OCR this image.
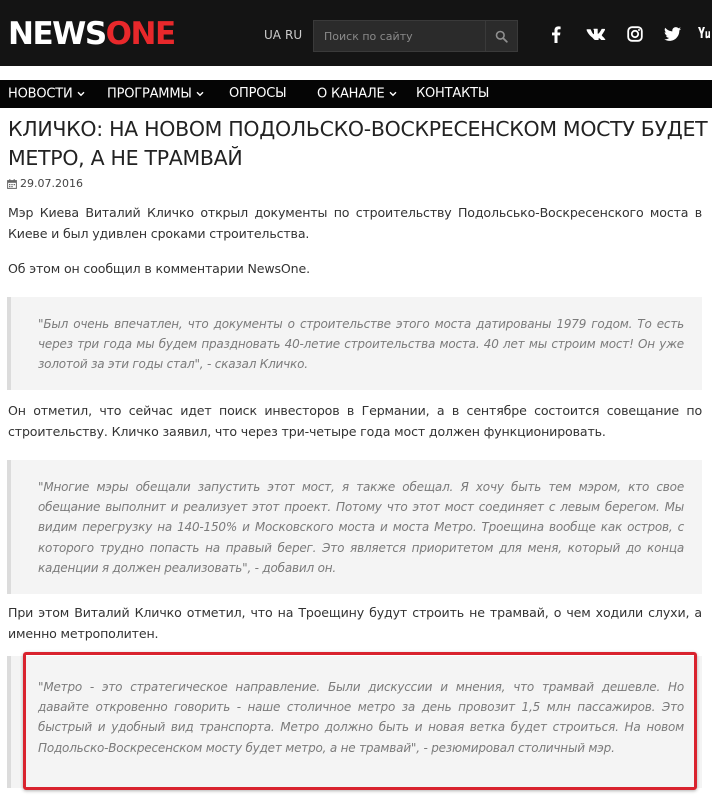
NEWSONE	UA RU
Поиск по сайту
НОВОСТИ	ПРОГРАММЫ	ОПРОСЫ О КАНАЛЕ	КОНТАКТЫ
КЛИЧКО: НА НОВОМ ПОДОЛЬСКО-ВОСКРЕСЕНСКОМ МОСТУ БУДЕТ МЕТРО, А НЕ ТРАМВАЙ
29.07.2016

Мэр Киева Виталий Кличко открыл документы по строительству Подольсько-Воскресенского моста в Киеве и был удивлен сроками строительства.

Об этом он сообщил в комментарии NewsOne.

"Был очень впечатлен, что документы о строительстве этого моста датированы 1979 годом. То есть через три года мы будем праздновать 40-летие строительства моста. 40 лет мы строим мост! Он уже золотой за эти годы стал", - сказал Кличко.

Он отметил, что сейчас идет поиск инвесторов в Германии, а в сентябре состоится совещание по строительству. Кличко заявил, что через три-четыре года мост должен функционировать.

"Многие мэры обещали запустить этот мост, я также обещал. Я хочу быть тем мэром, кто свое обещание выполнит и реализует этот проект. Потому что этот мост соединяет с левым берегом. Мы видим перегрузку на 140-150% и Московского моста и моста Метро. Троещина вообще как остров, с которого трудно попасть на правый берег. Это является приоритетом для меня, который до конца каденции я должен реализовать", - добавил он.

При этом Виталий Кличко отметил, что на Троещину будут строить не трамвай, о чем ходили слухи, а именно метрополитен.

"Метро - это стратегическое направление. Были дискуссии и мнения, что трамвай дешевле. Но давайте откровенно говорить - наше столичное метро за день провозит 1,5 млн пассажиров. Это быстрый и удобный вид транспорта. Метро должно быть и новая ветка будет строиться. На новом Подольско-Воскресенском мосту будет метро, а не трамвай", - резюмировал столичный мэр.
